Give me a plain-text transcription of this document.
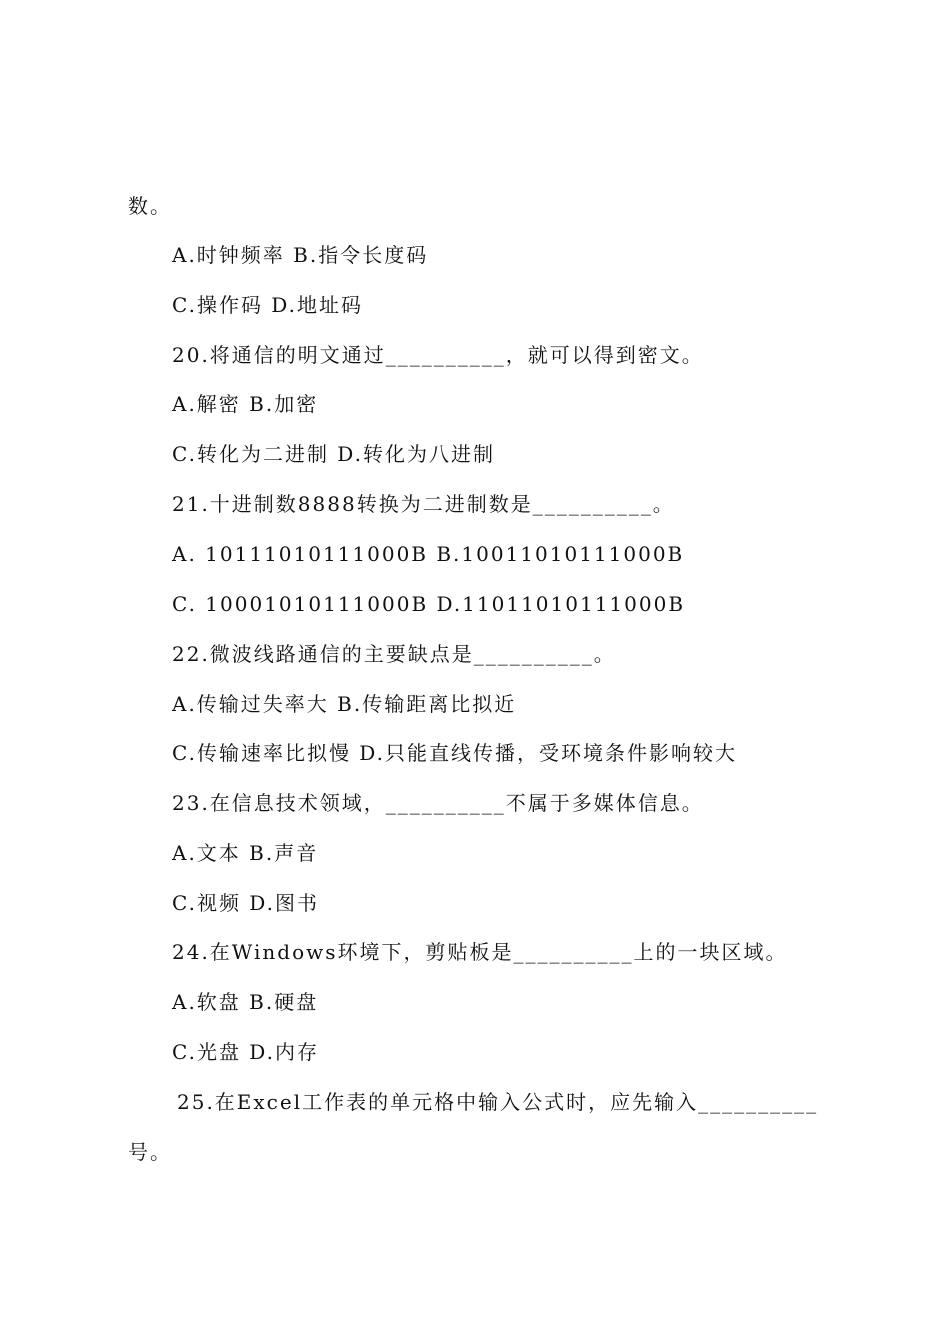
数。
A.时钟频率 B.指令长度码
C.操作码 D.地址码
20.将通信的明文通过__________，就可以得到密文。
A.解密 B.加密
C.转化为二进制 D.转化为八进制
21.十进制数8888转换为二进制数是__________。
A. 10111010111000B B.10011010111000B
C. 10001010111000B D.11011010111000B
22.微波线路通信的主要缺点是__________。
A.传输过失率大 B.传输距离比拟近
C.传输速率比拟慢 D.只能直线传播，受环境条件影响较大
23.在信息技术领域，__________不属于多媒体信息。
A.文本 B.声音
C.视频 D.图书
24.在Windows环境下，剪贴板是__________上的一块区域。
A.软盘 B.硬盘
C.光盘 D.内存
25.在Excel工作表的单元格中输入公式时，应先输入__________
号。
